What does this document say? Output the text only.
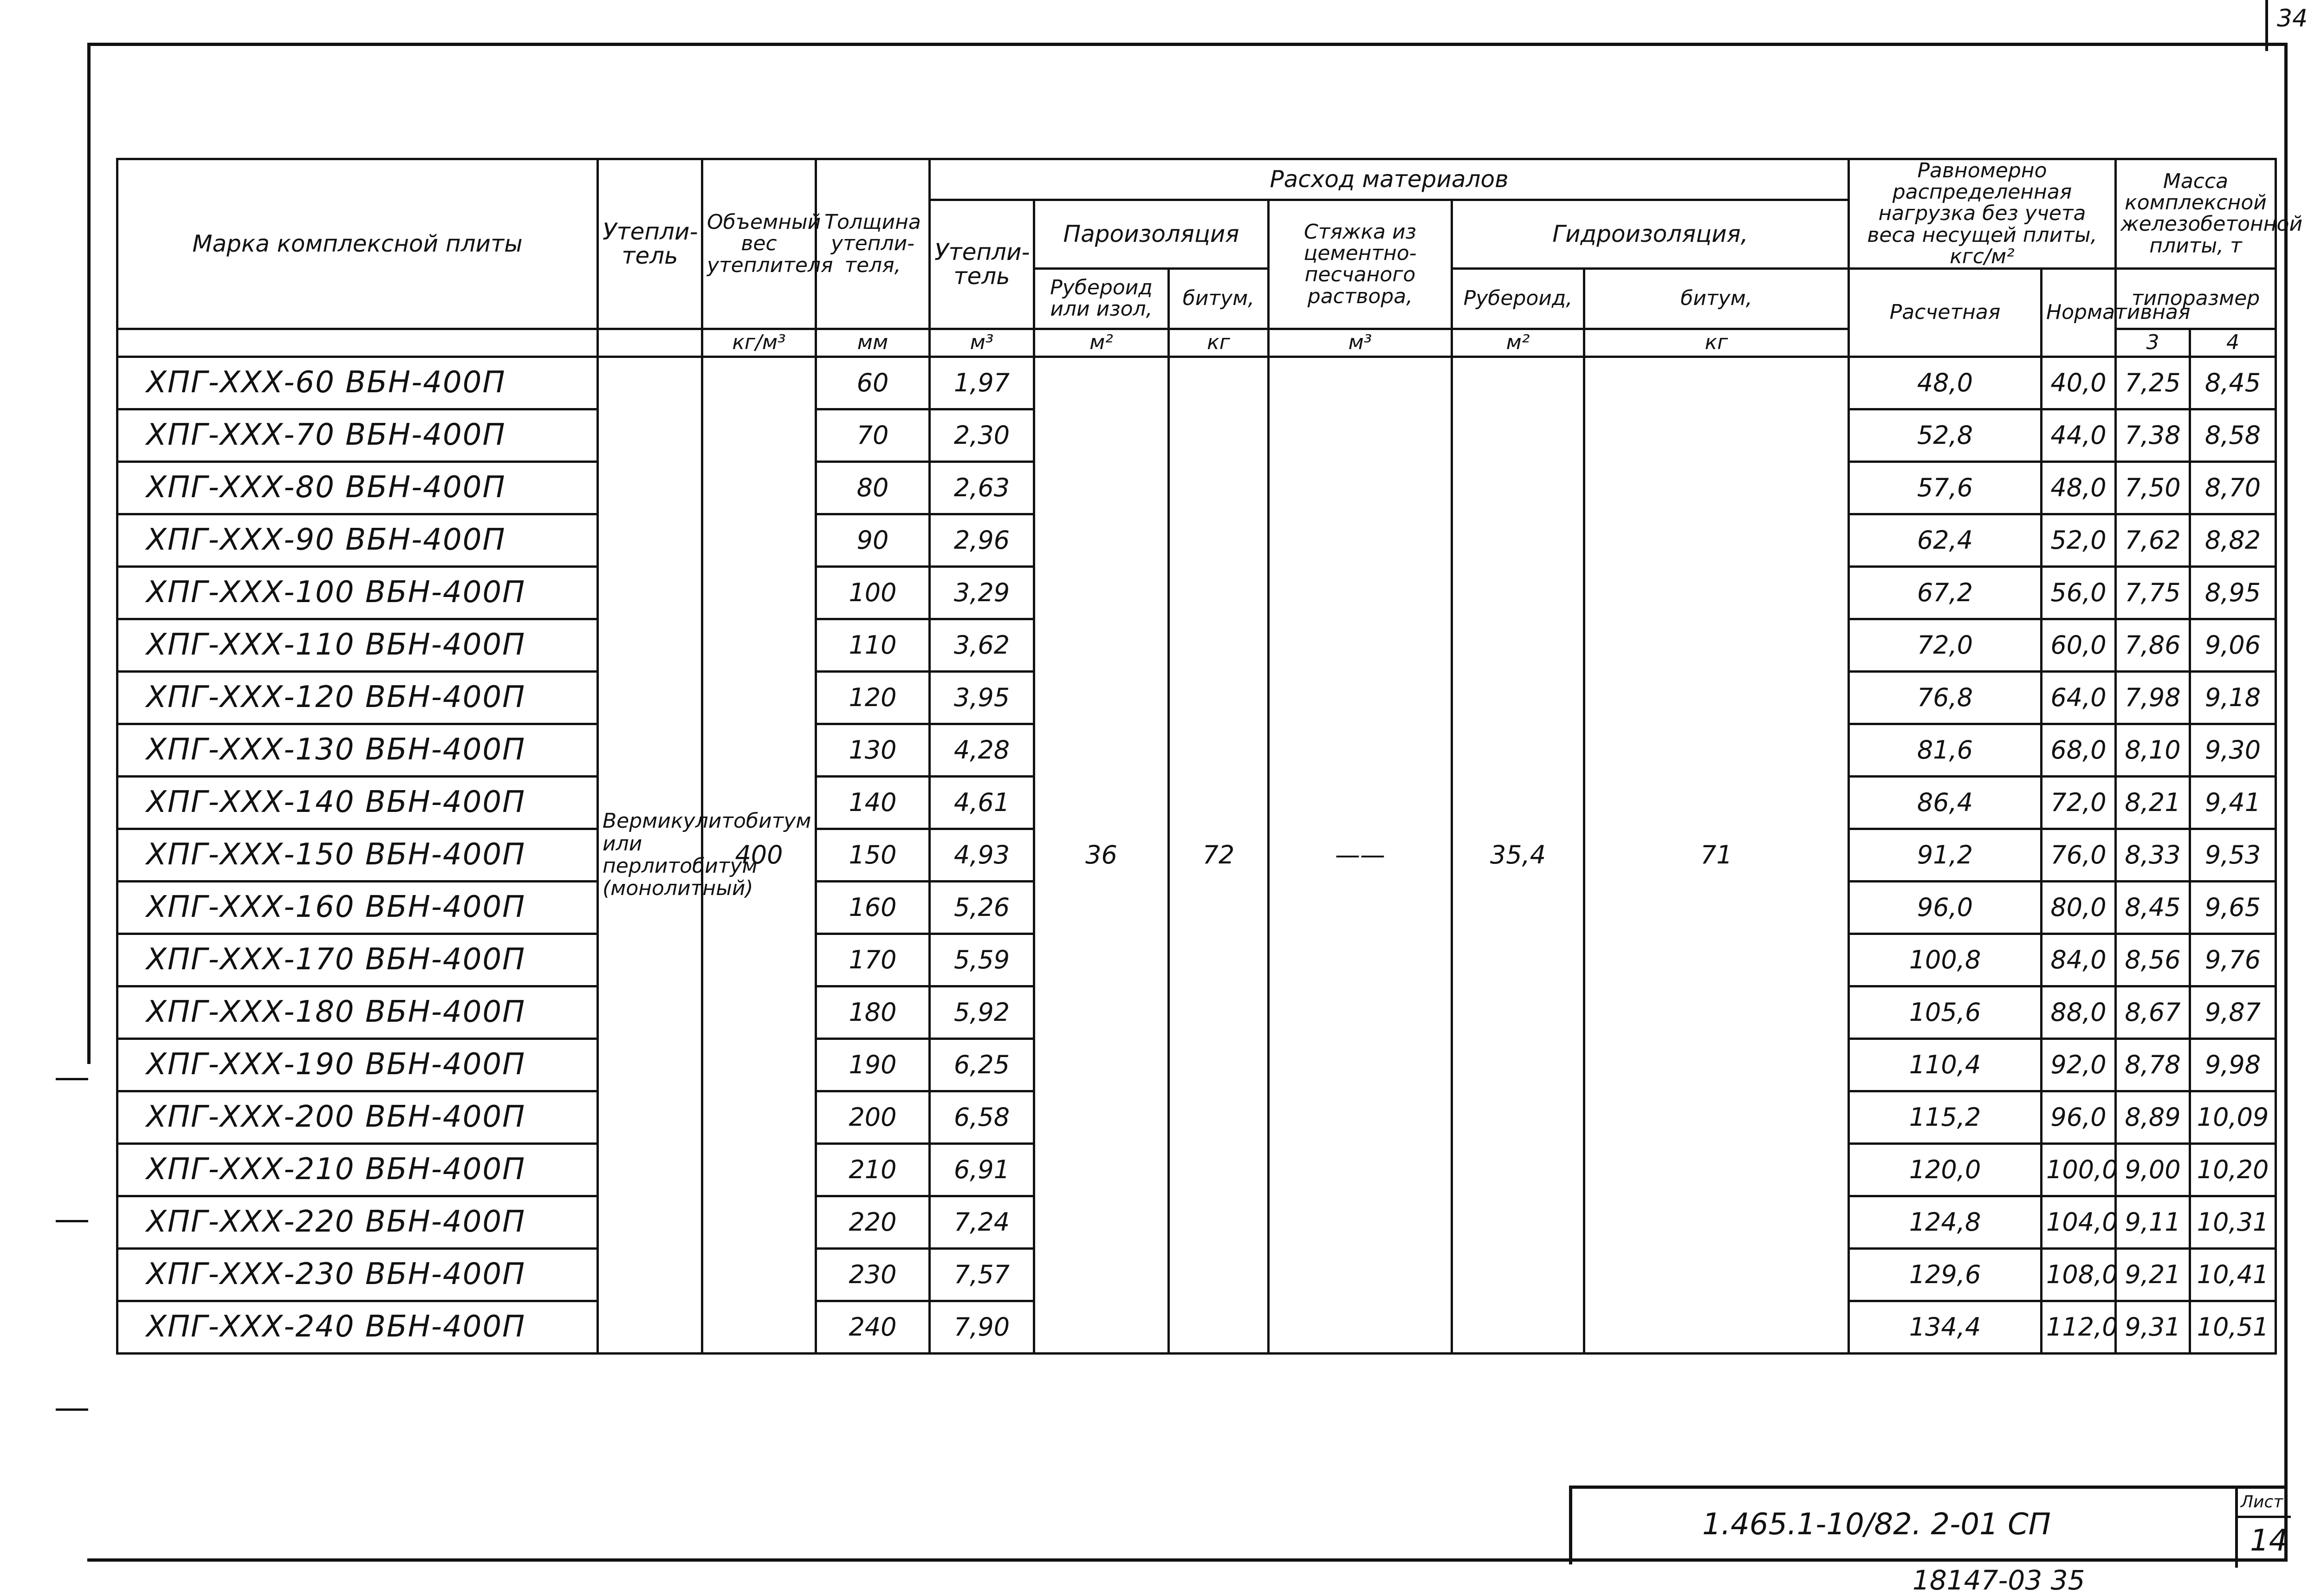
34
Марка комплексной плиты	Утепли-тель	Объемный вес утеплителя	Толщина утепли-теля,	Расход материалов						Равномерно распределенная нагрузка без учета веса несущей плиты, кгс/м²		Масса комплексной железобетонной плиты, т		
				Утепли-тель	Пароизоляция		Стяжка из цементно-песчаного раствора,	Гидроизоляция,						
					Рубероид или изол,	битум,		Рубероид,	битум,	Расчетная	Нормативная	типоразмер		
		кг/м³	мм	м³	м²	кг	м³	м²	кг			3	4	
ХПГ-ХХХ-60 ВБН-400П	Вермикулитобитум или перлитобитум (монолитный)	400	60	1,97	36	72	——	35,4	71	48,0	40,0	7,25	8,45	
ХПГ-ХХХ-70 ВБН-400П			70	2,30						52,8	44,0	7,38	8,58	
ХПГ-ХХХ-80 ВБН-400П			80	2,63						57,6	48,0	7,50	8,70	
ХПГ-ХХХ-90 ВБН-400П			90	2,96						62,4	52,0	7,62	8,82	
ХПГ-ХХХ-100 ВБН-400П			100	3,29						67,2	56,0	7,75	8,95	
ХПГ-ХХХ-110 ВБН-400П			110	3,62						72,0	60,0	7,86	9,06	
ХПГ-ХХХ-120 ВБН-400П			120	3,95						76,8	64,0	7,98	9,18	
ХПГ-ХХХ-130 ВБН-400П			130	4,28						81,6	68,0	8,10	9,30	
ХПГ-ХХХ-140 ВБН-400П			140	4,61						86,4	72,0	8,21	9,41	
ХПГ-ХХХ-150 ВБН-400П			150	4,93						91,2	76,0	8,33	9,53	
ХПГ-ХХХ-160 ВБН-400П			160	5,26						96,0	80,0	8,45	9,65	
ХПГ-ХХХ-170 ВБН-400П			170	5,59						100,8	84,0	8,56	9,76	
ХПГ-ХХХ-180 ВБН-400П			180	5,92						105,6	88,0	8,67	9,87	
ХПГ-ХХХ-190 ВБН-400П			190	6,25						110,4	92,0	8,78	9,98	
ХПГ-ХХХ-200 ВБН-400П			200	6,58						115,2	96,0	8,89	10,09	
ХПГ-ХХХ-210 ВБН-400П			210	6,91						120,0	100,0	9,00	10,20	
ХПГ-ХХХ-220 ВБН-400П			220	7,24						124,8	104,0	9,11	10,31	
ХПГ-ХХХ-230 ВБН-400П			230	7,57						129,6	108,0	9,21	10,41	
ХПГ-ХХХ-240 ВБН-400П			240	7,90						134,4	112,0	9,31	10,51	
1.465.1-10/82. 2-01 СП
Лист
14
18147-03 35
